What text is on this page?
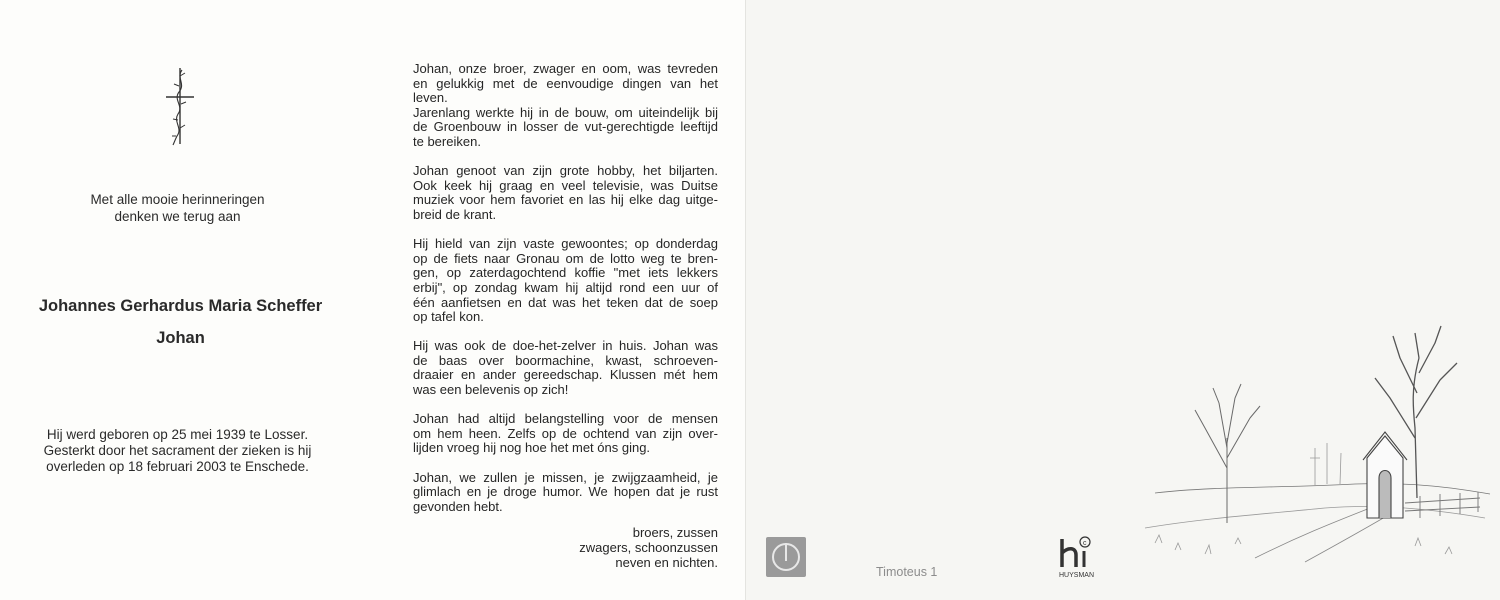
Met alle mooie herinneringen
denken we terug aan
Johannes Gerhardus Maria Scheffer
Johan
Hij werd geboren op 25 mei 1939 te Losser.
Gesterkt door het sacrament der zieken is hij
overleden op 18 februari 2003 te Enschede.
Johan, onze broer, zwager en oom, was tevreden
en gelukkig met de eenvoudige dingen van het
leven.
Jarenlang werkte hij in de bouw, om uiteindelijk bij
de Groenbouw in losser de vut-gerechtigde leeftijd
te bereiken.
Johan genoot van zijn grote hobby, het biljarten.
Ook keek hij graag en veel televisie, was Duitse
muziek voor hem favoriet en las hij elke dag uitge-
breid de krant.
Hij hield van zijn vaste gewoontes; op donderdag
op de fiets naar Gronau om de lotto weg te bren-
gen, op zaterdagochtend koffie "met iets lekkers
erbij", op zondag kwam hij altijd rond een uur of
één aanfietsen en dat was het teken dat de soep
op tafel kon.
Hij was ook de doe-het-zelver in huis. Johan was
de baas over boormachine, kwast, schroeven-
draaier en ander gereedschap. Klussen mét hem
was een belevenis op zich!
Johan had altijd belangstelling voor de mensen
om hem heen. Zelfs op de ochtend van zijn over-
lijden vroeg hij nog hoe het met óns ging.
Johan, we zullen je missen, je zwijgzaamheid, je
glimlach en je droge humor. We hopen dat je rust
gevonden hebt.
broers, zussen
zwagers, schoonzussen
neven en nichten.
Timoteus 1
c
HUYSMAN
